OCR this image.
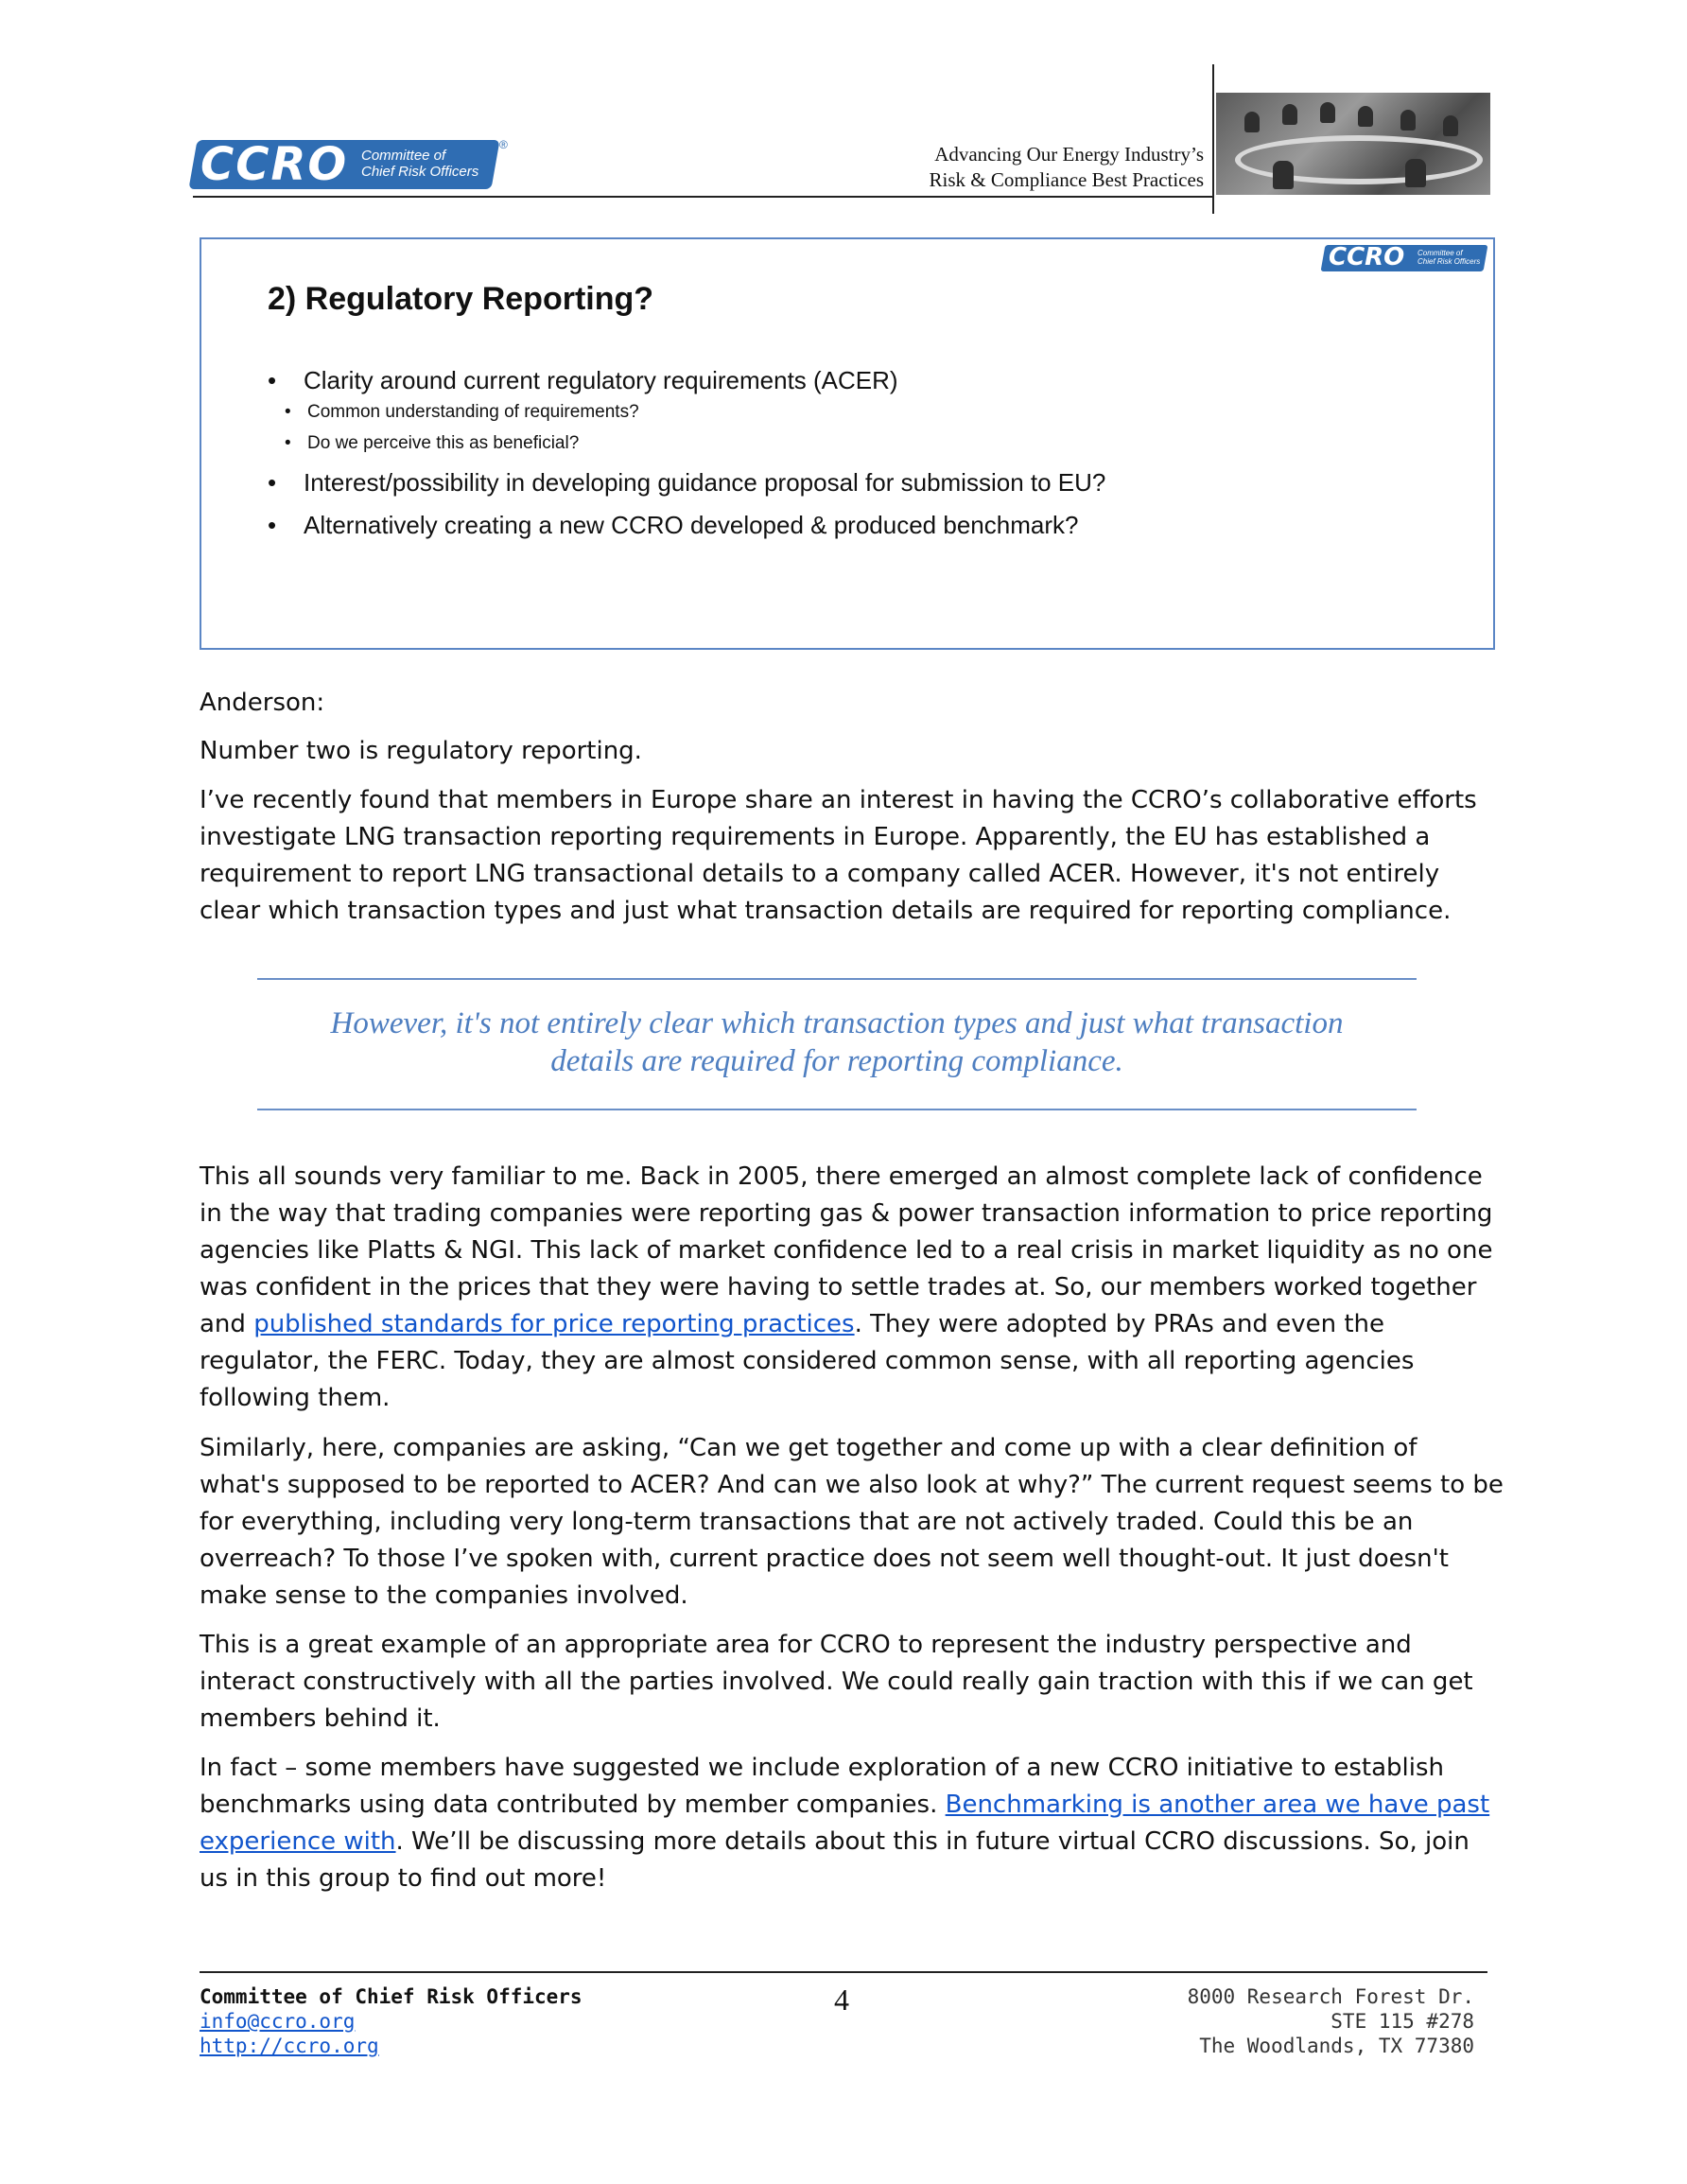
CCRO Committee of
Chief Risk Officers
®	Advancing Our Energy Industry’s
Risk & Compliance Best Practices
CCRO Committee of
Chief Risk Officers
2) Regulatory Reporting?
• Clarity around current regulatory requirements (ACER)
• Common understanding of requirements?
• Do we perceive this as beneficial?
• Interest/possibility in developing guidance proposal for submission to EU?
• Alternatively creating a new CCRO developed & produced benchmark?

Anderson:

Number two is regulatory reporting.

I’ve recently found that members in Europe share an interest in having the CCRO’s collaborative efforts investigate LNG transaction reporting requirements in Europe. Apparently, the EU has established a requirement to report LNG transactional details to a company called ACER. However, it's not entirely clear which transaction types and just what transaction details are required for reporting compliance.

However, it's not entirely clear which transaction types and just what transaction
details are required for reporting compliance.

This all sounds very familiar to me. Back in 2005, there emerged an almost complete lack of confidence in the way that trading companies were reporting gas & power transaction information to price reporting agencies like Platts & NGI. This lack of market confidence led to a real crisis in market liquidity as no one was confident in the prices that they were having to settle trades at. So, our members worked together and published standards for price reporting practices. They were adopted by PRAs and even the regulator, the FERC. Today, they are almost considered common sense, with all reporting agencies following them.

Similarly, here, companies are asking, “Can we get together and come up with a clear definition of what's supposed to be reported to ACER? And can we also look at why?” The current request seems to be for everything, including very long-term transactions that are not actively traded. Could this be an overreach? To those I’ve spoken with, current practice does not seem well thought-out. It just doesn't make sense to the companies involved.

This is a great example of an appropriate area for CCRO to represent the industry perspective and interact constructively with all the parties involved. We could really gain traction with this if we can get members behind it.

In fact – some members have suggested we include exploration of a new CCRO initiative to establish benchmarks using data contributed by member companies. Benchmarking is another area we have past experience with. We’ll be discussing more details about this in future virtual CCRO discussions. So, join us in this group to find out more!

Committee of Chief Risk Officers
info@ccro.org
http://ccro.org
4	8000 Research Forest Dr.
STE 115 #278
The Woodlands, TX 77380
